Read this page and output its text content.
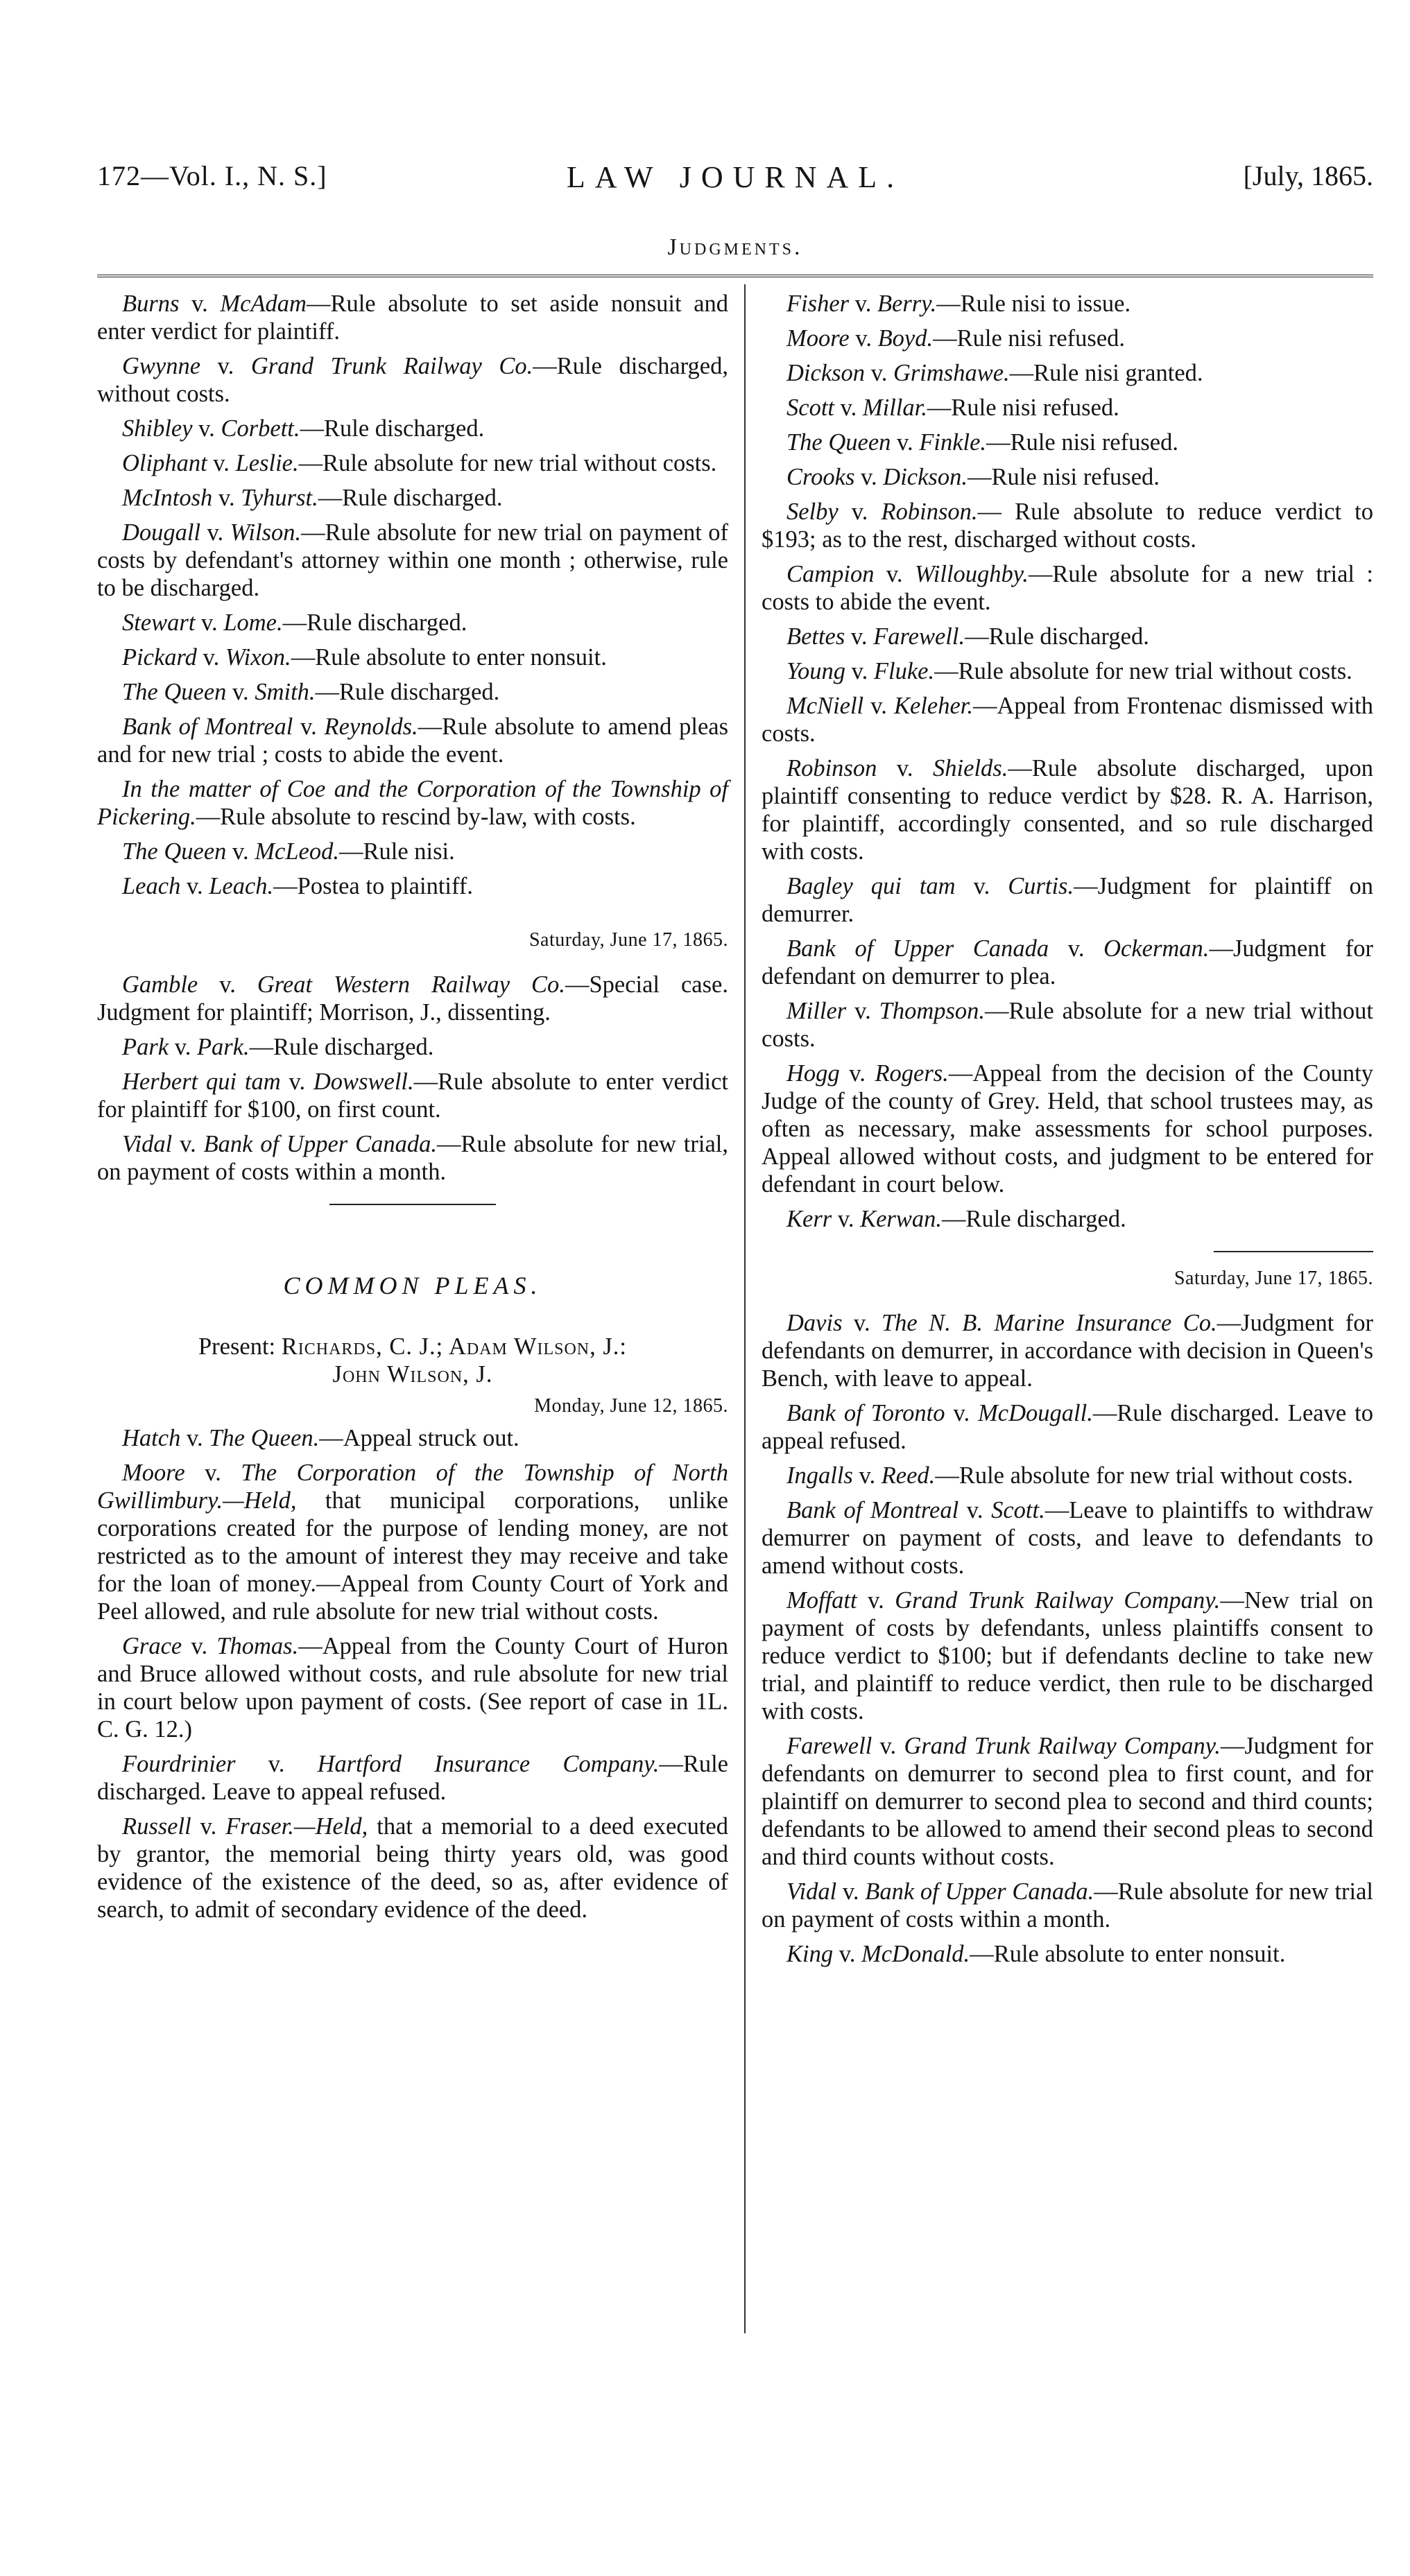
172—Vol. I., N. S.]	LAW JOURNAL.	[July, 1865.
Judgments.

Burns v. McAdam—Rule absolute to set aside nonsuit and enter verdict for plaintiff.

Gwynne v. Grand Trunk Railway Co.—Rule discharged, without costs.

Shibley v. Corbett.—Rule discharged.

Oliphant v. Leslie.—Rule absolute for new trial without costs.

McIntosh v. Tyhurst.—Rule discharged.

Dougall v. Wilson.—Rule absolute for new trial on payment of costs by defendant's attorney within one month ; otherwise, rule to be discharged.

Stewart v. Lome.—Rule discharged.

Pickard v. Wixon.—Rule absolute to enter nonsuit.

The Queen v. Smith.—Rule discharged.

Bank of Montreal v. Reynolds.—Rule absolute to amend pleas and for new trial ; costs to abide the event.

In the matter of Coe and the Corporation of the Township of Pickering.—Rule absolute to rescind by-law, with costs.

The Queen v. McLeod.—Rule nisi.

Leach v. Leach.—Postea to plaintiff.

Saturday, June 17, 1865.

Gamble v. Great Western Railway Co.—Special case. Judgment for plaintiff; Morrison, J., dissenting.

Park v. Park.—Rule discharged.

Herbert qui tam v. Dowswell.—Rule absolute to enter verdict for plaintiff for $100, on first count.

Vidal v. Bank of Upper Canada.—Rule absolute for new trial, on payment of costs within a month.

COMMON PLEAS.
Present: Richards, C. J.; Adam Wilson, J.:
John Wilson, J.
Monday, June 12, 1865.

Hatch v. The Queen.—Appeal struck out.

Moore v. The Corporation of the Township of North Gwillimbury.—Held, that municipal corporations, unlike corporations created for the purpose of lending money, are not restricted as to the amount of interest they may receive and take for the loan of money.—Appeal from County Court of York and Peel allowed, and rule absolute for new trial without costs.

Grace v. Thomas.—Appeal from the County Court of Huron and Bruce allowed without costs, and rule absolute for new trial in court below upon payment of costs. (See report of case in 1L. C. G. 12.)

Fourdrinier v. Hartford Insurance Company.—Rule discharged. Leave to appeal refused.

Russell v. Fraser.—Held, that a memorial to a deed executed by grantor, the memorial being thirty years old, was good evidence of the existence of the deed, so as, after evidence of search, to admit of secondary evidence of the deed.

Fisher v. Berry.—Rule nisi to issue.

Moore v. Boyd.—Rule nisi refused.

Dickson v. Grimshawe.—Rule nisi granted.

Scott v. Millar.—Rule nisi refused.

The Queen v. Finkle.—Rule nisi refused.

Crooks v. Dickson.—Rule nisi refused.

Selby v. Robinson.— Rule absolute to reduce verdict to $193; as to the rest, discharged without costs.

Campion v. Willoughby.—Rule absolute for a new trial : costs to abide the event.

Bettes v. Farewell.—Rule discharged.

Young v. Fluke.—Rule absolute for new trial without costs.

McNiell v. Keleher.—Appeal from Frontenac dismissed with costs.

Robinson v. Shields.—Rule absolute discharged, upon plaintiff consenting to reduce verdict by $28. R. A. Harrison, for plaintiff, accordingly consented, and so rule discharged with costs.

Bagley qui tam v. Curtis.—Judgment for plaintiff on demurrer.

Bank of Upper Canada v. Ockerman.—Judgment for defendant on demurrer to plea.

Miller v. Thompson.—Rule absolute for a new trial without costs.

Hogg v. Rogers.—Appeal from the decision of the County Judge of the county of Grey. Held, that school trustees may, as often as necessary, make assessments for school purposes. Appeal allowed without costs, and judgment to be entered for defendant in court below.

Kerr v. Kerwan.—Rule discharged.

Saturday, June 17, 1865.

Davis v. The N. B. Marine Insurance Co.—Judgment for defendants on demurrer, in accordance with decision in Queen's Bench, with leave to appeal.

Bank of Toronto v. McDougall.—Rule discharged. Leave to appeal refused.

Ingalls v. Reed.—Rule absolute for new trial without costs.

Bank of Montreal v. Scott.—Leave to plaintiffs to withdraw demurrer on payment of costs, and leave to defendants to amend without costs.

Moffatt v. Grand Trunk Railway Company.—New trial on payment of costs by defendants, unless plaintiffs consent to reduce verdict to $100; but if defendants decline to take new trial, and plaintiff to reduce verdict, then rule to be discharged with costs.

Farewell v. Grand Trunk Railway Company.—Judgment for defendants on demurrer to second plea to first count, and for plaintiff on demurrer to second plea to second and third counts; defendants to be allowed to amend their second pleas to second and third counts without costs.

Vidal v. Bank of Upper Canada.—Rule absolute for new trial on payment of costs within a month.

King v. McDonald.—Rule absolute to enter nonsuit.
